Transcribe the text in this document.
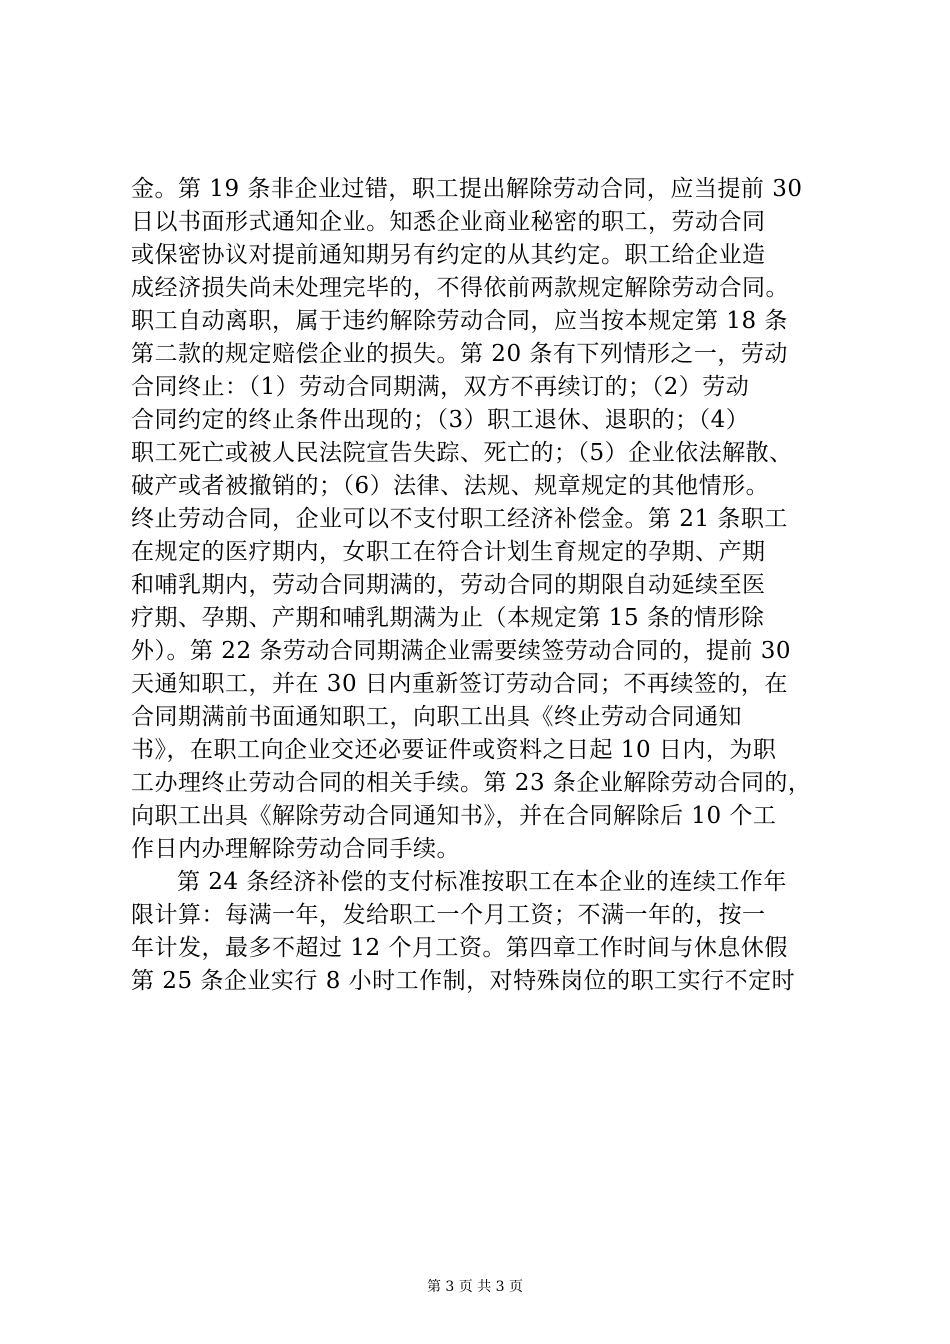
金。第 19 条非企业过错，职工提出解除劳动合同，应当提前 30
日以书面形式通知企业。知悉企业商业秘密的职工，劳动合同
或保密协议对提前通知期另有约定的从其约定。职工给企业造
成经济损失尚未处理完毕的，不得依前两款规定解除劳动合同。
职工自动离职，属于违约解除劳动合同，应当按本规定第 18 条
第二款的规定赔偿企业的损失。第 20 条有下列情形之一，劳动
合同终止：（1）劳动合同期满，双方不再续订的；（2）劳动
合同约定的终止条件出现的；（3）职工退休、退职的；（4）
职工死亡或被人民法院宣告失踪、死亡的；（5）企业依法解散、
破产或者被撤销的；（6）法律、法规、规章规定的其他情形。
终止劳动合同，企业可以不支付职工经济补偿金。第 21 条职工
在规定的医疗期内，女职工在符合计划生育规定的孕期、产期
和哺乳期内，劳动合同期满的，劳动合同的期限自动延续至医
疗期、孕期、产期和哺乳期满为止（本规定第 15 条的情形除
外）。第 22 条劳动合同期满企业需要续签劳动合同的，提前 30
天通知职工，并在 30 日内重新签订劳动合同；不再续签的，在
合同期满前书面通知职工，向职工出具《终止劳动合同通知
书》，在职工向企业交还必要证件或资料之日起 10 日内，为职
工办理终止劳动合同的相关手续。第 23 条企业解除劳动合同的，
向职工出具《解除劳动合同通知书》，并在合同解除后 10 个工
作日内办理解除劳动合同手续。
第 24 条经济补偿的支付标准按职工在本企业的连续工作年
限计算：每满一年，发给职工一个月工资；不满一年的，按一
年计发，最多不超过 12 个月工资。第四章工作时间与休息休假
第 25 条企业实行 8 小时工作制，对特殊岗位的职工实行不定时
第 3 页 共 3 页
